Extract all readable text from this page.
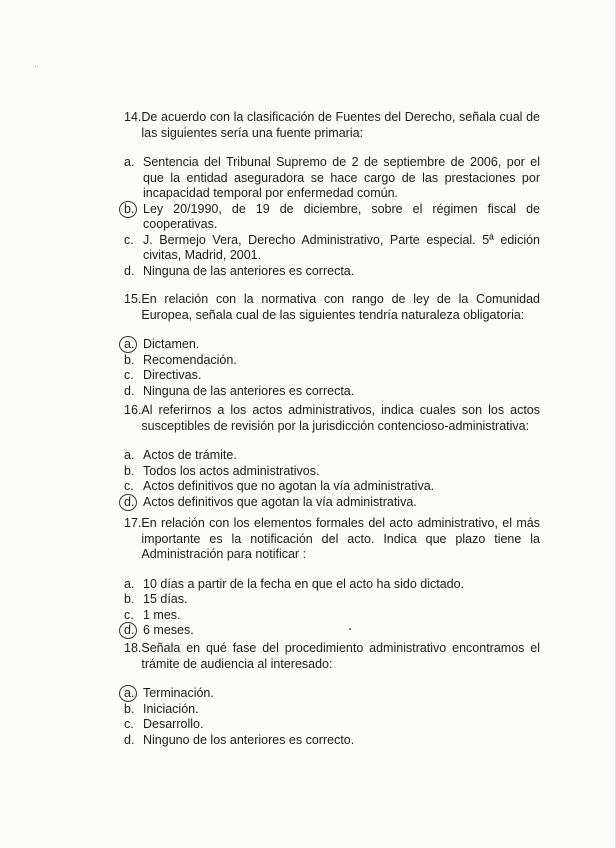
14. De acuerdo con la clasificación de Fuentes del Derecho, señala cual de las siguientes sería una fuente primaria:
a. Sentencia del Tribunal Supremo de 2 de septiembre de 2006, por el que la entidad aseguradora se hace cargo de las prestaciones por incapacidad temporal por enfermedad común.
b. Ley 20/1990, de 19 de diciembre, sobre el régimen fiscal de cooperativas.
c. J. Bermejo Vera, Derecho Administrativo, Parte especial. 5ª edición civitas, Madrid, 2001.
d. Ninguna de las anteriores es correcta.
15. En relación con la normativa con rango de ley de la Comunidad Europea, señala cual de las siguientes tendría naturaleza obligatoria:
a. Dictamen.
b. Recomendación.
c. Directivas.
d. Ninguna de las anteriores es correcta.
16. Al referirnos a los actos administrativos, indica cuales son los actos susceptibles de revisión por la jurisdicción contencioso-administrativa:
a. Actos de trámite.
b. Todos los actos administrativos.
c. Actos definitivos que no agotan la vía administrativa.
d. Actos definitivos que agotan la vía administrativa.
17. En relación con los elementos formales del acto administrativo, el más importante es la notificación del acto. Indica que plazo tiene la Administración para notificar :
a. 10 días a partir de la fecha en que el acto ha sido dictado.
b. 15 días.
c. 1 mes.
d. 6 meses.
18. Señala en qué fase del procedimiento administrativo encontramos el trámite de audiencia al interesado:
a. Terminación.
b. Iniciación.
c. Desarrollo.
d. Ninguno de los anteriores es correcto.
